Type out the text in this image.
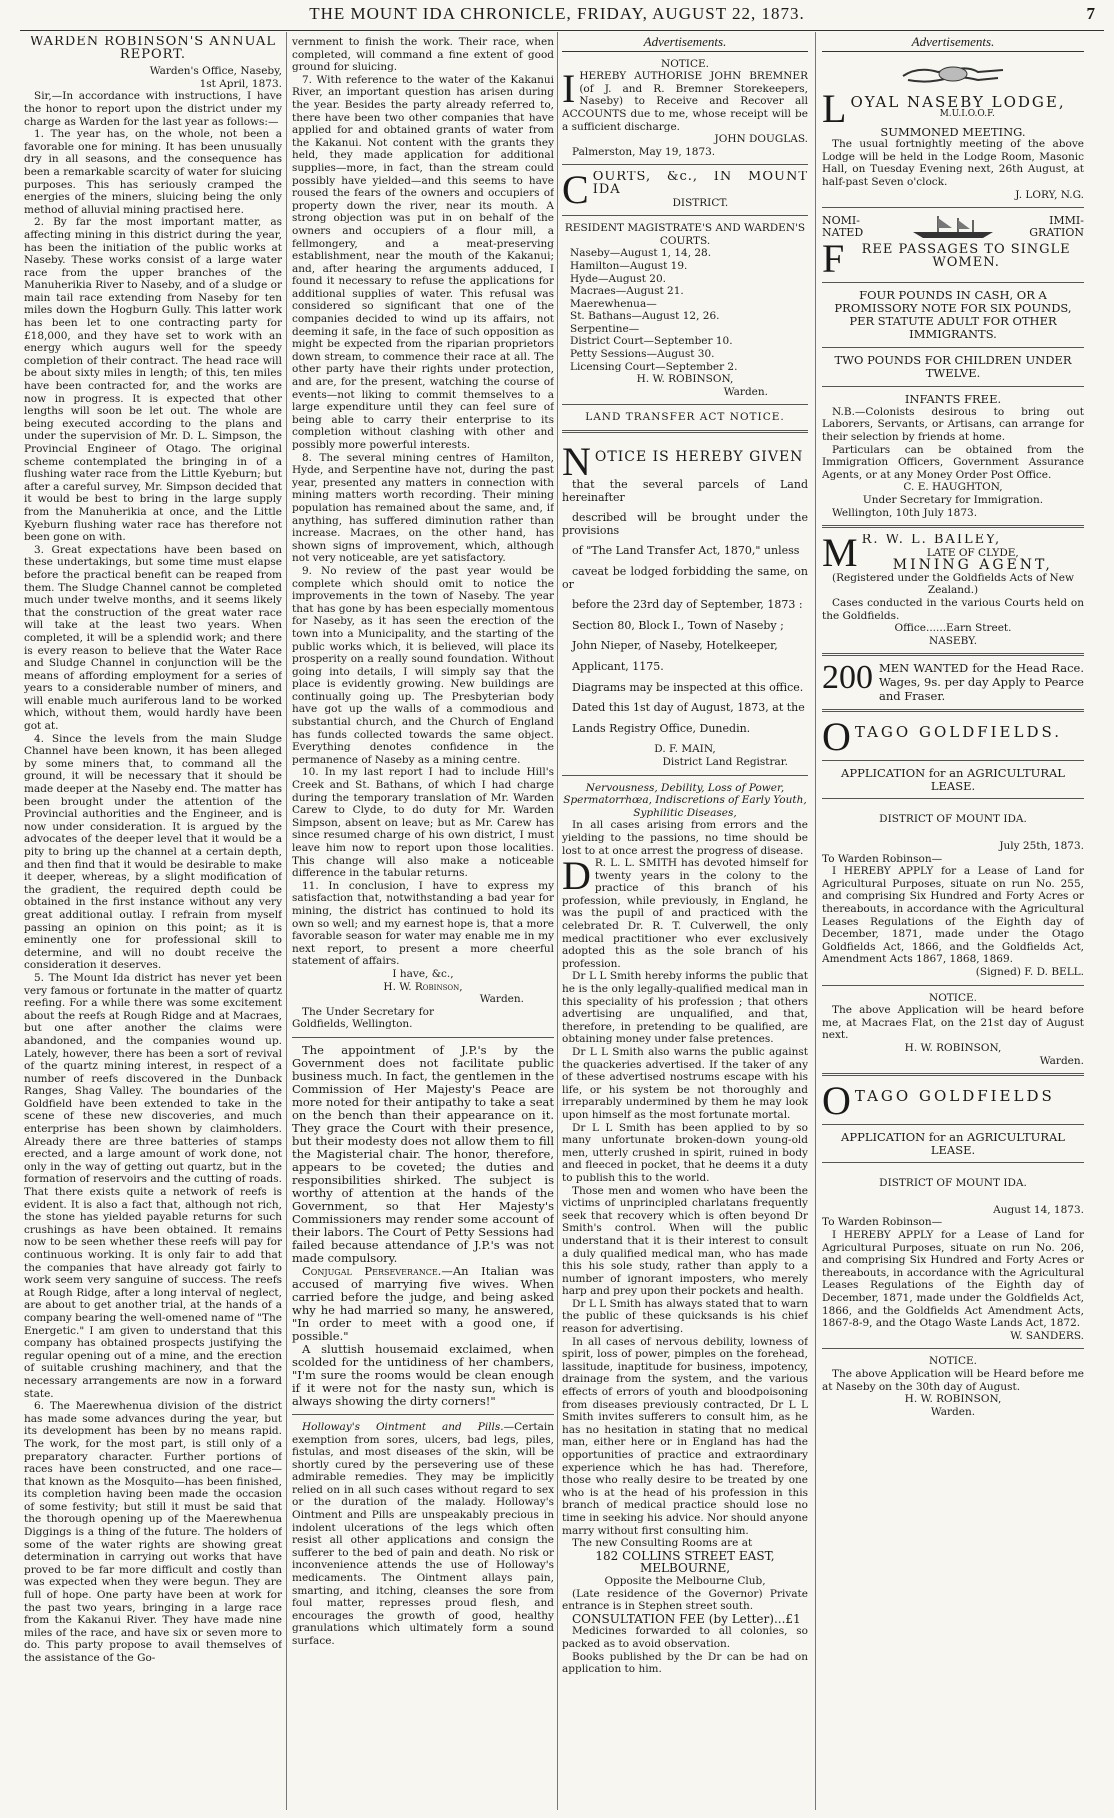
THE MOUNT IDA CHRONICLE, FRIDAY, AUGUST 22, 1873.	7
WARDEN ROBINSON'S ANNUAL REPORT.

Warden's Office, Naseby,

1st April, 1873.

Sir,—In accordance with instructions, I have the honor to report upon the district under my charge as Warden for the last year as follows:—

1. The year has, on the whole, not been a favorable one for mining. It has been unusually dry in all seasons, and the consequence has been a remarkable scarcity of water for sluicing purposes. This has seriously cramped the energies of the miners, sluicing being the only method of alluvial mining practised here.

2. By far the most important matter, as affecting mining in this district during the year, has been the initiation of the public works at Naseby. These works consist of a large water race from the upper branches of the Manuherikia River to Naseby, and of a sludge or main tail race extending from Naseby for ten miles down the Hogburn Gully. This latter work has been let to one contracting party for £18,000, and they have set to work with an energy which augurs well for the speedy completion of their contract. The head race will be about sixty miles in length; of this, ten miles have been contracted for, and the works are now in progress. It is expected that other lengths will soon be let out. The whole are being executed according to the plans and under the supervision of Mr. D. L. Simpson, the Provincial Engineer of Otago. The original scheme contemplated the bringing in of a flushing water race from the Little Kyeburn; but after a careful survey, Mr. Simpson decided that it would be best to bring in the large supply from the Manuherikia at once, and the Little Kyeburn flushing water race has therefore not been gone on with.

3. Great expectations have been based on these undertakings, but some time must elapse before the practical benefit can be reaped from them. The Sludge Channel cannot be completed much under twelve months, and it seems likely that the construction of the great water race will take at the least two years. When completed, it will be a splendid work; and there is every reason to believe that the Water Race and Sludge Channel in conjunction will be the means of affording employment for a series of years to a considerable number of miners, and will enable much auriferous land to be worked which, without them, would hardly have been got at.

4. Since the levels from the main Sludge Channel have been known, it has been alleged by some miners that, to command all the ground, it will be necessary that it should be made deeper at the Naseby end. The matter has been brought under the attention of the Provincial authorities and the Engineer, and is now under consideration. It is argued by the advocates of the deeper level that it would be a pity to bring up the channel at a certain depth, and then find that it would be desirable to make it deeper, whereas, by a slight modification of the gradient, the required depth could be obtained in the first instance without any very great additional outlay. I refrain from myself passing an opinion on this point; as it is eminently one for professional skill to determine, and will no doubt receive the consideration it deserves.

5. The Mount Ida district has never yet been very famous or fortunate in the matter of quartz reefing. For a while there was some excitement about the reefs at Rough Ridge and at Macraes, but one after another the claims were abandoned, and the companies wound up. Lately, however, there has been a sort of revival of the quartz mining interest, in respect of a number of reefs discovered in the Dunback Ranges, Shag Valley. The boundaries of the Goldfield have been extended to take in the scene of these new discoveries, and much enterprise has been shown by claimholders. Already there are three batteries of stamps erected, and a large amount of work done, not only in the way of getting out quartz, but in the formation of reservoirs and the cutting of roads. That there exists quite a network of reefs is evident. It is also a fact that, although not rich, the stone has yielded payable returns for such crushings as have been obtained. It remains now to be seen whether these reefs will pay for continuous working. It is only fair to add that the companies that have already got fairly to work seem very sanguine of success. The reefs at Rough Ridge, after a long interval of neglect, are about to get another trial, at the hands of a company bearing the well-omened name of "The Energetic." I am given to understand that this company has obtained prospects justifying the regular opening out of a mine, and the erection of suitable crushing machinery, and that the necessary arrangements are now in a forward state.

6. The Maerewhenua division of the district has made some advances during the year, but its development has been by no means rapid. The work, for the most part, is still only of a preparatory character. Further portions of races have been constructed, and one race—that known as the Mosquito—has been finished, its completion having been made the occasion of some festivity; but still it must be said that the thorough opening up of the Maerewhenua Diggings is a thing of the future. The holders of some of the water rights are showing great determination in carrying out works that have proved to be far more difficult and costly than was expected when they were begun. They are full of hope. One party have been at work for the past two years, bringing in a large race from the Kakanui River. They have made nine miles of the race, and have six or seven more to do. This party propose to avail themselves of the assistance of the Go-

vernment to finish the work. Their race, when completed, will command a fine extent of good ground for sluicing.

7. With reference to the water of the Kakanui River, an important question has arisen during the year. Besides the party already referred to, there have been two other companies that have applied for and obtained grants of water from the Kakanui. Not content with the grants they held, they made application for additional supplies—more, in fact, than the stream could possibly have yielded—and this seems to have roused the fears of the owners and occupiers of property down the river, near its mouth. A strong objection was put in on behalf of the owners and occupiers of a flour mill, a fellmongery, and a meat-preserving establishment, near the mouth of the Kakanui; and, after hearing the arguments adduced, I found it necessary to refuse the applications for additional supplies of water. This refusal was considered so significant that one of the companies decided to wind up its affairs, not deeming it safe, in the face of such opposition as might be expected from the riparian proprietors down stream, to commence their race at all. The other party have their rights under protection, and are, for the present, watching the course of events—not liking to commit themselves to a large expenditure until they can feel sure of being able to carry their enterprise to its completion without clashing with other and possibly more powerful interests.

8. The several mining centres of Hamilton, Hyde, and Serpentine have not, during the past year, presented any matters in connection with mining matters worth recording. Their mining population has remained about the same, and, if anything, has suffered diminution rather than increase. Macraes, on the other hand, has shown signs of improvement, which, although not very noticeable, are yet satisfactory.

9. No review of the past year would be complete which should omit to notice the improvements in the town of Naseby. The year that has gone by has been especially momentous for Naseby, as it has seen the erection of the town into a Municipality, and the starting of the public works which, it is believed, will place its prosperity on a really sound foundation. Without going into details, I will simply say that the place is evidently growing. New buildings are continually going up. The Presbyterian body have got up the walls of a commodious and substantial church, and the Church of England has funds collected towards the same object. Everything denotes confidence in the permanence of Naseby as a mining centre.

10. In my last report I had to include Hill's Creek and St. Bathans, of which I had charge during the temporary translation of Mr. Warden Carew to Clyde, to do duty for Mr. Warden Simpson, absent on leave; but as Mr. Carew has since resumed charge of his own district, I must leave him now to report upon those localities. This change will also make a noticeable difference in the tabular returns.

11. In conclusion, I have to express my satisfaction that, notwithstanding a bad year for mining, the district has continued to hold its own so well; and my earnest hope is, that a more favorable season for water may enable me in my next report, to present a more cheerful statement of affairs.

I have, &c.,

H. W. Robinson,

Warden.

The Under Secretary for Goldfields, Wellington.

The appointment of J.P.'s by the Government does not facilitate public business much. In fact, the gentlemen in the Commission of Her Majesty's Peace are more noted for their antipathy to take a seat on the bench than their appearance on it. They grace the Court with their presence, but their modesty does not allow them to fill the Magisterial chair. The honor, therefore, appears to be coveted; the duties and responsibilities shirked. The subject is worthy of attention at the hands of the Government, so that Her Majesty's Commissioners may render some account of their labors. The Court of Petty Sessions had failed because attendance of J.P.'s was not made compulsory.

Conjugal Perseverance.—An Italian was accused of marrying five wives. When carried before the judge, and being asked why he had married so many, he answered, "In order to meet with a good one, if possible."

A sluttish housemaid exclaimed, when scolded for the untidiness of her chambers, "I'm sure the rooms would be clean enough if it were not for the nasty sun, which is always showing the dirty corners!"

Holloway's Ointment and Pills.—Certain exemption from sores, ulcers, bad legs, piles, fistulas, and most diseases of the skin, will be shortly cured by the persevering use of these admirable remedies. They may be implicitly relied on in all such cases without regard to sex or the duration of the malady. Holloway's Ointment and Pills are unspeakably precious in indolent ulcerations of the legs which often resist all other applications and consign the sufferer to the bed of pain and death. No risk or inconvenience attends the use of Holloway's medicaments. The Ointment allays pain, smarting, and itching, cleanses the sore from foul matter, represses proud flesh, and encourages the growth of good, healthy granulations which ultimately form a sound surface.

Advertisements.

NOTICE.

IHEREBY AUTHORISE JOHN BREMNER (of J. and R. Bremner Storekeepers, Naseby) to Receive and Recover all ACCOUNTS due to me, whose receipt will be a sufficient discharge.

JOHN DOUGLAS.

Palmerston, May 19, 1873.

C OURTS, &c., IN MOUNT IDA
DISTRICT.

RESIDENT MAGISTRATE'S AND WARDEN'S COURTS.

Naseby—August 1, 14, 28.
Hamilton—August 19.
Hyde—August 20.
Macraes—August 21.
Maerewhenua—
St. Bathans—August 12, 26.
Serpentine—
District Court—September 10.
Petty Sessions—August 30.
Licensing Court—September 2.

H. W. ROBINSON,

Warden.

LAND TRANSFER ACT NOTICE.

N OTICE IS HEREBY GIVEN

that the several parcels of Land hereinafter

described will be brought under the provisions

of "The Land Transfer Act, 1870," unless

caveat be lodged forbidding the same, on or

before the 23rd day of September, 1873 :

Section 80, Block I., Town of Naseby ;

John Nieper, of Naseby, Hotelkeeper,

Applicant, 1175.

Diagrams may be inspected at this office.

Dated this 1st day of August, 1873, at the

Lands Registry Office, Dunedin.

D. F. MAIN,

District Land Registrar.

Nervousness, Debility, Loss of Power, Spermatorrhœa, Indiscretions of Early Youth, Syphilitic Diseases,

In all cases arising from errors and the yielding to the passions, no time should be lost to at once arrest the progress of disease.

D R. L. L. SMITH has devoted himself for twenty years in the colony to the practice of this branch of his profession, while previously, in England, he was the pupil of and practiced with the celebrated Dr. R. T. Culverwell, the only medical practitioner who ever exclusively adopted this as the sole branch of his profession.

Dr L L Smith hereby informs the public that he is the only legally-qualified medical man in this speciality of his profession ; that others advertising are unqualified, and that, therefore, in pretending to be qualified, are obtaining money under false pretences.

Dr L L Smith also warns the public against the quackeries advertised. If the taker of any of these advertised nostrums escape with his life, or his system be not thoroughly and irreparably undermined by them he may look upon himself as the most fortunate mortal.

Dr L L Smith has been applied to by so many unfortunate broken-down young-old men, utterly crushed in spirit, ruined in body and fleeced in pocket, that he deems it a duty to publish this to the world.

Those men and women who have been the victims of unprincipled charlatans frequently seek that recovery which is often beyond Dr Smith's control. When will the public understand that it is their interest to consult a duly qualified medical man, who has made this his sole study, rather than apply to a number of ignorant imposters, who merely harp and prey upon their pockets and health.

Dr L L Smith has always stated that to warn the public of these quicksands is his chief reason for advertising.

In all cases of nervous debility, lowness of spirit, loss of power, pimples on the forehead, lassitude, inaptitude for business, impotency, drainage from the system, and the various effects of errors of youth and bloodpoisoning from diseases previously contracted, Dr L L Smith invites sufferers to consult him, as he has no hesitation in stating that no medical man, either here or in England has had the opportunities of practice and extraordinary experience which he has had. Therefore, those who really desire to be treated by one who is at the head of his profession in this branch of medical practice should lose no time in seeking his advice. Nor should anyone marry without first consulting him.

The new Consulting Rooms are at

182 COLLINS STREET EAST, MELBOURNE,

Opposite the Melbourne Club,

(Late residence of the Governor) Private entrance is in Stephen street south.

CONSULTATION FEE (by Letter)...£1

Medicines forwarded to all colonies, so packed as to avoid observation.

Books published by the Dr can be had on application to him.

Advertisements.
L OYAL NASEBY LODGE,
M.U.I.O.O.F.

SUMMONED MEETING.

The usual fortnightly meeting of the above Lodge will be held in the Lodge Room, Masonic Hall, on Tuesday Evening next, 26th August, at half-past Seven o'clock.

J. LORY, N.G.

NOMI-NATED
IMMI-GRATION
F	REE PASSAGES TO SINGLE WOMEN.

FOUR POUNDS IN CASH, OR A PROMISSORY NOTE FOR SIX POUNDS, PER STATUTE ADULT FOR OTHER IMMIGRANTS.

TWO POUNDS FOR CHILDREN UNDER TWELVE.

INFANTS FREE.

N.B.—Colonists desirous to bring out Laborers, Servants, or Artisans, can arrange for their selection by friends at home.

Particulars can be obtained from the Immigration Officers, Government Assurance Agents, or at any Money Order Post Office.

C. E. HAUGHTON,

Under Secretary for Immigration.

Wellington, 10th July 1873.

M R. W. L. BAILEY,
LATE OF CLYDE,
MINING AGENT,

(Registered under the Goldfields Acts of New Zealand.)

Cases conducted in the various Courts held on the Goldfields.

Office......Earn Street.

NASEBY.

200 MEN WANTED for the Head Race. Wages, 9s. per day Apply to Pearce and Fraser.
O TAGO GOLDFIELDS.

APPLICATION for an AGRICULTURAL LEASE.

DISTRICT OF MOUNT IDA.

July 25th, 1873.

To Warden Robinson—

I HEREBY APPLY for a Lease of Land for Agricultural Purposes, situate on run No. 255, and comprising Six Hundred and Forty Acres or thereabouts, in accordance with the Agricultural Leases Regulations of the Eighth day of December, 1871, made under the Otago Goldfields Act, 1866, and the Goldfields Act, Amendment Acts 1867, 1868, 1869.

(Signed) F. D. BELL.

NOTICE.

The above Application will be heard before me, at Macraes Flat, on the 21st day of August next.

H. W. ROBINSON,

Warden.

O TAGO GOLDFIELDS

APPLICATION for an AGRICULTURAL LEASE.

DISTRICT OF MOUNT IDA.

August 14, 1873.

To Warden Robinson—

I HEREBY APPLY for a Lease of Land for Agricultural Purposes, situate on run No. 206, and comprising Six Hundred and Forty Acres or thereabouts, in accordance with the Agricultural Leases Regulations of the Eighth day of December, 1871, made under the Goldfields Act, 1866, and the Goldfields Act Amendment Acts, 1867-8-9, and the Otago Waste Lands Act, 1872.

W. SANDERS.

NOTICE.

The above Application will be Heard before me at Naseby on the 30th day of August.

H. W. ROBINSON,

Warden.
